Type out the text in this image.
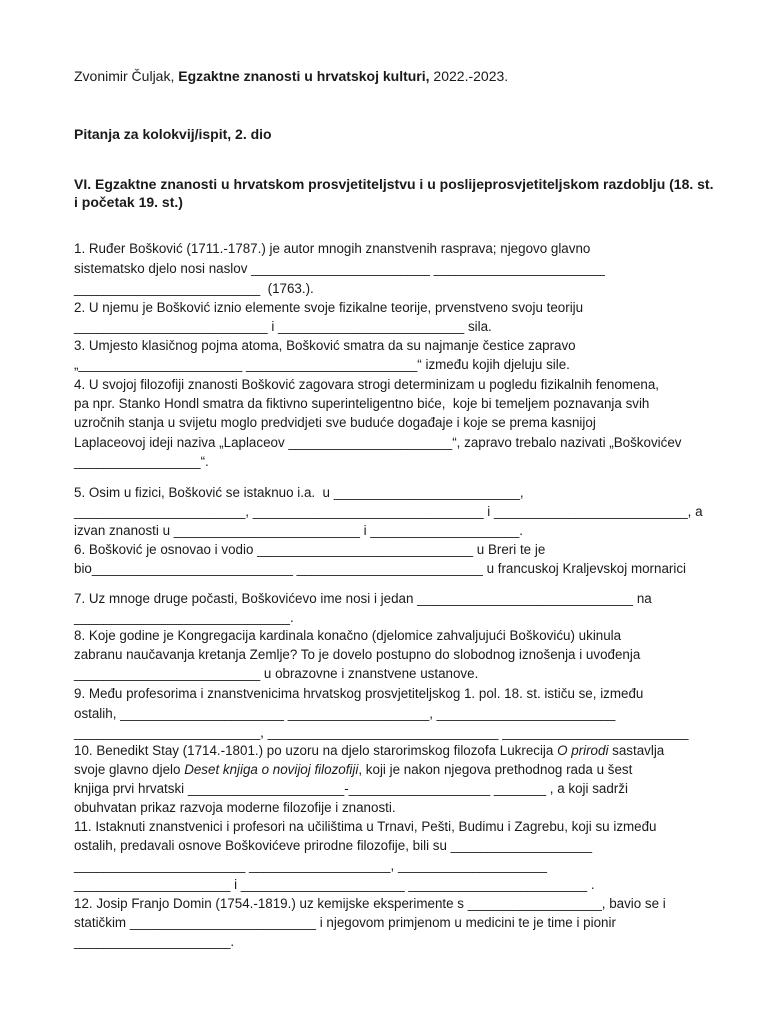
Zvonimir Čuljak, Egzaktne znanosti u hrvatskoj kulturi, 2022.-2023.
Pitanja za kolokvij/ispit, 2. dio
VI. Egzaktne znanosti u hrvatskom prosvjetiteljstvu i u poslijeprosvjetiteljskom razdoblju (18. st.
i početak 19. st.)
1. Ruđer Bošković (1711.-1787.) je autor mnogih znanstvenih rasprava; njegovo glavno
sistematsko djelo nosi naslov ________________________ _______________________
_________________________  (1763.).
2. U njemu je Bošković iznio elemente svoje fizikalne teorije, prvenstveno svoju teoriju
__________________________ i _________________________ sila.
3. Umjesto klasičnog pojma atoma, Bošković smatra da su najmanje čestice zapravo
„______________________ _______________________“ između kojih djeluju sile.
4. U svojoj filozofiji znanosti Bošković zagovara strogi determinizam u pogledu fizikalnih fenomena,
pa npr. Stanko Hondl smatra da fiktivno superinteligentno biće,  koje bi temeljem poznavanja svih
uzročnih stanja u svijetu moglo predvidjeti sve buduće događaje i koje se prema kasnijoj
Laplaceovoj ideji naziva „Laplaceov ______________________“, zapravo trebalo nazivati „Boškovićev
_________________“.
5. Osim u fizici, Bošković se istaknuo i.a.  u _________________________,
_______________________, _______________________________ i __________________________, a
izvan znanosti u _________________________ i ____________________.
6. Bošković je osnovao i vodio _____________________________ u Breri te je
bio___________________________ _________________________ u francuskoj Kraljevskoj mornarici
7. Uz mnoge druge počasti, Boškovićevo ime nosi i jedan _____________________________ na
_____________________________.
8. Koje godine je Kongregacija kardinala konačno (djelomice zahvaljujući Boškoviću) ukinula
zabranu naučavanja kretanja Zemlje? To je dovelo postupno do slobodnog iznošenja i uvođenja
_________________________ u obrazovne i znanstvene ustanove.
9. Među profesorima i znanstvenicima hrvatskog prosvjetiteljskog 1. pol. 18. st. ističu se, između
ostalih, ______________________ ___________________, ________________________
_________________________, _______________________________ _________________________
10. Benedikt Stay (1714.-1801.) po uzoru na djelo starorimskog filozofa Lukrecija O prirodi sastavlja
svoje glavno djelo Deset knjiga o novijoj filozofiji, koji je nakon njegova prethodnog rada u šest
knjiga prvi hrvatski _____________________-___________________ _______ , a koji sadrži
obuhvatan prikaz razvoja moderne filozofije i znanosti.
11. Istaknuti znanstvenici i profesori na učilištima u Trnavi, Pešti, Budimu i Zagrebu, koji su između
ostalih, predavali osnove Boškovićeve prirodne filozofije, bili su ___________________
_______________________ ___________________, ____________________
_____________________ i ______________________ ________________________ .
12. Josip Franjo Domin (1754.-1819.) uz kemijske eksperimente s __________________, bavio se i
statičkim _________________________ i njegovom primjenom u medicini te je time i pionir
_____________________.
